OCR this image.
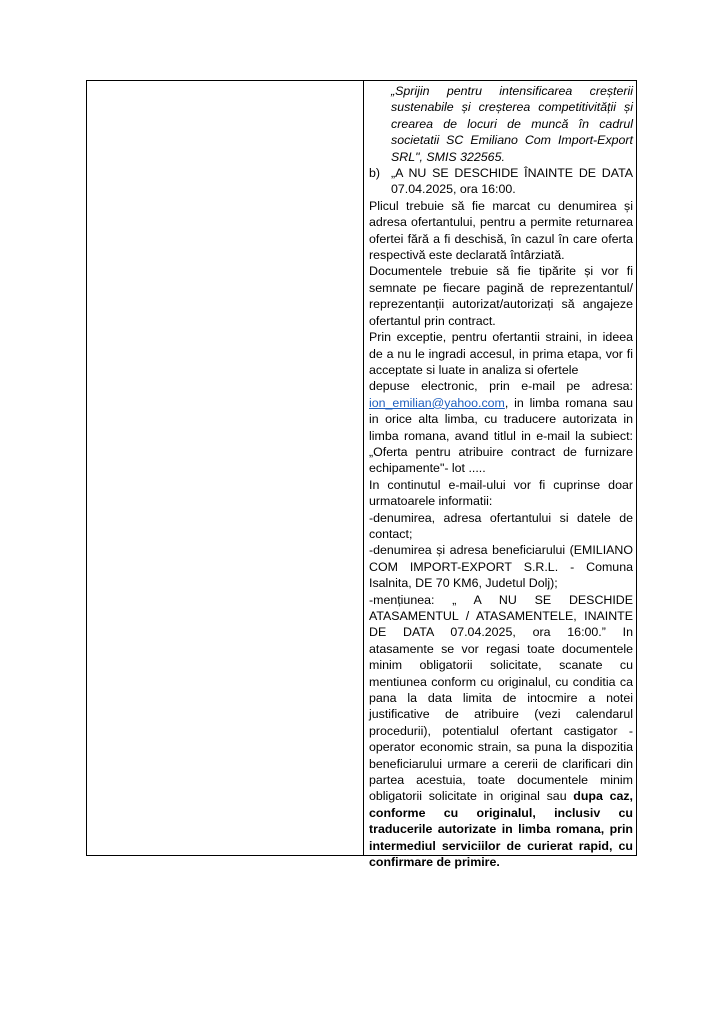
„Sprijin pentru intensificarea creșterii sustenabile și creșterea competitivității și crearea de locuri de muncă în cadrul societatii SC Emiliano Com Import-Export SRL", SMIS 322565.

b) „A NU SE DESCHIDE ÎNAINTE DE DATA 07.04.2025, ora 16:00.

Plicul trebuie să fie marcat cu denumirea și adresa ofertantului, pentru a permite returnarea ofertei fără a fi deschisă, în cazul în care oferta respectivă este declarată întârziată.

Documentele trebuie să fie tipărite și vor fi semnate pe fiecare pagină de reprezentantul/ reprezentanții autorizat/autorizați să angajeze ofertantul prin contract.

Prin exceptie, pentru ofertantii straini, in ideea de a nu le ingradi accesul, in prima etapa, vor fi acceptate si luate in analiza si ofertele

depuse electronic, prin e-mail pe adresa: ion_emilian@yahoo.com, in limba romana sau in orice alta limba, cu traducere autorizata in limba romana, avand titlul in e-mail la subiect: „Oferta pentru atribuire contract de furnizare echipamente"- lot .....

In continutul e-mail-ului vor fi cuprinse doar urmatoarele informatii:

-denumirea, adresa ofertantului si datele de contact;

-denumirea și adresa beneficiarului (EMILIANO COM IMPORT-EXPORT S.R.L. - Comuna Isalnita, DE 70 KM6, Judetul Dolj);

-mențiunea: „ A NU SE DESCHIDE ATASAMENTUL / ATASAMENTELE, INAINTE DE DATA 07.04.2025, ora 16:00.” In atasamente se vor regasi toate documentele minim obligatorii solicitate, scanate cu mentiunea conform cu originalul, cu conditia ca pana la data limita de intocmire a notei justificative de atribuire (vezi calendarul procedurii), potentialul ofertant castigator - operator economic strain, sa puna la dispozitia beneficiarului urmare a cererii de clarificari din partea acestuia, toate documentele minim obligatorii solicitate in original sau dupa caz, conforme cu originalul, inclusiv cu traducerile autorizate in limba romana, prin intermediul serviciilor de curierat rapid, cu confirmare de primire.
